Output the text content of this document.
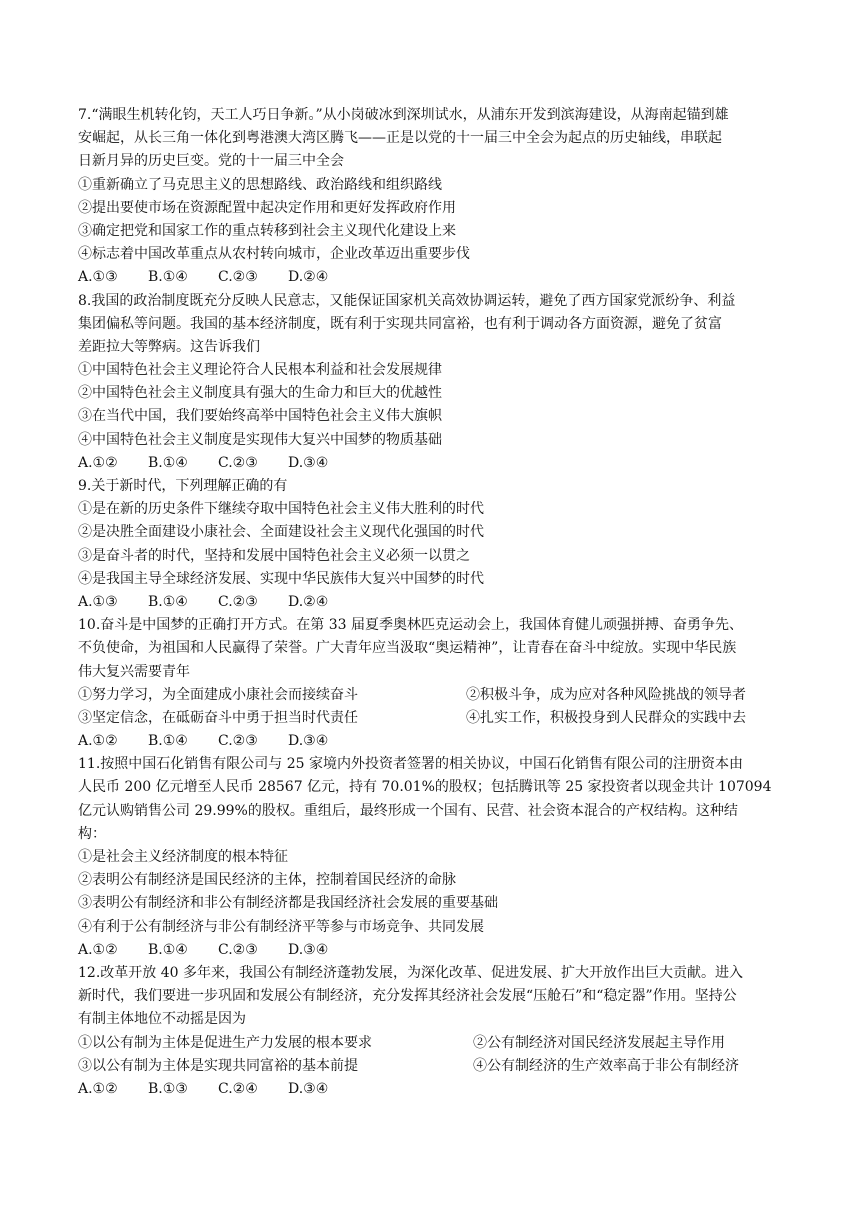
7.“满眼生机转化钧，天工人巧日争新。”从小岗破冰到深圳试水，从浦东开发到滨海建设，从海南起锚到雄
安崛起，从长三角一体化到粤港澳大湾区腾飞——正是以党的十一届三中全会为起点的历史轴线，串联起
日新月异的历史巨变。党的十一届三中全会
①重新确立了马克思主义的思想路线、政治路线和组织路线
②提出要使市场在资源配置中起决定作用和更好发挥政府作用
③确定把党和国家工作的重点转移到社会主义现代化建设上来
④标志着中国改革重点从农村转向城市，企业改革迈出重要步伐
A.①③	B.①④	C.②③	D.②④
8.我国的政治制度既充分反映人民意志，又能保证国家机关高效协调运转，避免了西方国家党派纷争、利益
集团偏私等问题。我国的基本经济制度，既有利于实现共同富裕，也有利于调动各方面资源，避免了贫富
差距拉大等弊病。这告诉我们
①中国特色社会主义理论符合人民根本利益和社会发展规律
②中国特色社会主义制度具有强大的生命力和巨大的优越性
③在当代中国，我们要始终高举中国特色社会主义伟大旗帜
④中国特色社会主义制度是实现伟大复兴中国梦的物质基础
A.①②	B.①④	C.②③	D.③④
9.关于新时代，下列理解正确的有
①是在新的历史条件下继续夺取中国特色社会主义伟大胜利的时代
②是决胜全面建设小康社会、全面建设社会主义现代化强国的时代
③是奋斗者的时代，坚持和发展中国特色社会主义必须一以贯之
④是我国主导全球经济发展、实现中华民族伟大复兴中国梦的时代
A.①③	B.①④	C.②③	D.②④
10.奋斗是中国梦的正确打开方式。在第 33 届夏季奥林匹克运动会上，我国体育健儿顽强拼搏、奋勇争先、
不负使命，为祖国和人民赢得了荣誉。广大青年应当汲取“奥运精神”，让青春在奋斗中绽放。实现中华民族
伟大复兴需要青年
①努力学习，为全面建成小康社会而接续奋斗	②积极斗争，成为应对各种风险挑战的领导者
③坚定信念，在砥砺奋斗中勇于担当时代责任	④扎实工作，积极投身到人民群众的实践中去
A.①②	B.①④	C.②③	D.③④
11.按照中国石化销售有限公司与 25 家境内外投资者签署的相关协议，中国石化销售有限公司的注册资本由
人民币 200 亿元增至人民币 28567 亿元，持有 70.01%的股权；包括腾讯等 25 家投资者以现金共计 107094
亿元认购销售公司 29.99%的股权。重组后，最终形成一个国有、民营、社会资本混合的产权结构。这种结
构：
①是社会主义经济制度的根本特征
②表明公有制经济是国民经济的主体，控制着国民经济的命脉
③表明公有制经济和非公有制经济都是我国经济社会发展的重要基础
④有利于公有制经济与非公有制经济平等参与市场竞争、共同发展
A.①②	B.①④	C.②③	D.③④
12.改革开放 40 多年来，我国公有制经济蓬勃发展，为深化改革、促进发展、扩大开放作出巨大贡献。进入
新时代，我们要进一步巩固和发展公有制经济，充分发挥其经济社会发展“压舱石”和“稳定器”作用。坚持公
有制主体地位不动摇是因为
①以公有制为主体是促进生产力发展的根本要求	②公有制经济对国民经济发展起主导作用
③以公有制为主体是实现共同富裕的基本前提	④公有制经济的生产效率高于非公有制经济
A.①②	B.①③	C.②④	D.③④
